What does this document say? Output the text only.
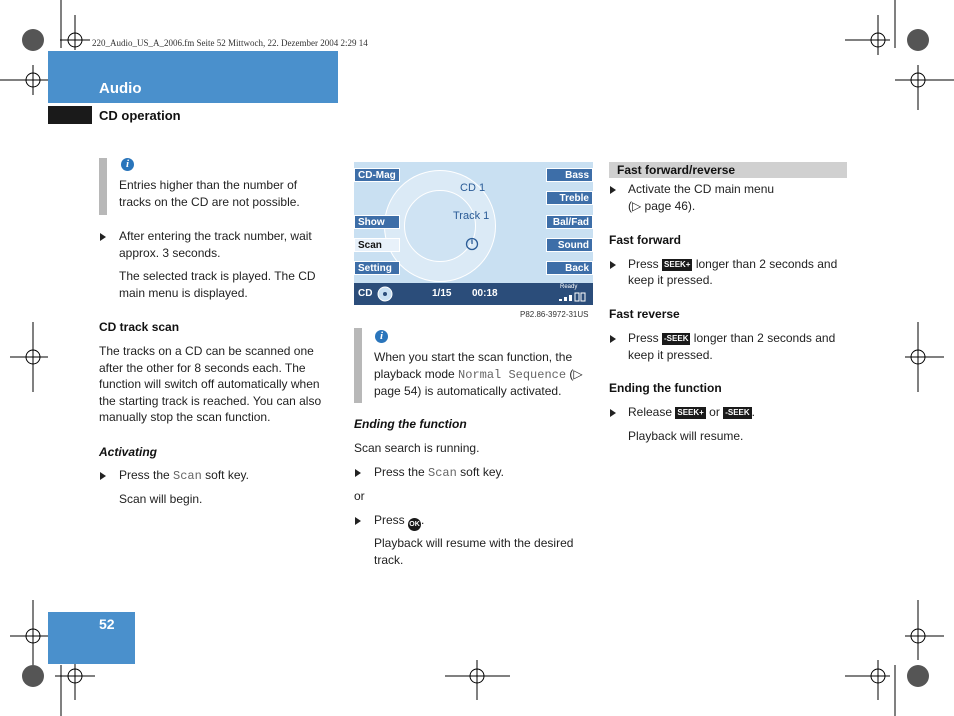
220_Audio_US_A_2006.fm Seite 52 Mittwoch, 22. Dezember 2004 2:29 14
Audio
CD operation
i
Entries higher than the number of tracks on the CD are not possible.
After entering the track number, wait approx. 3 seconds.
The selected track is played. The CD main menu is displayed.
CD track scan
The tracks on a CD can be scanned one after the other for 8 seconds each. The function will switch off automatically when the starting track is reached. You can also manually stop the scan function.
Activating
Press the Scan soft key.
Scan will begin.
CD-Mag
Show
Scan
Setting
Bass
Treble
Bal/Fad
Sound
Back
CD 1
Track 1
CD	1/15 00:18
Ready
P82.86-3972-31US
i
When you start the scan function, the playback mode Normal Sequence (▷ page 54) is automatically activated.
Ending the function
Scan search is running.
Press the Scan soft key.
or
Press OK.
Playback will resume with the desired track.
Fast forward/reverse
Activate the CD main menu
(▷ page 46).
Fast forward
Press SEEK+ longer than 2 seconds and
keep it pressed.
Fast reverse
Press -SEEK longer than 2 seconds and
keep it pressed.
Ending the function
Release SEEK+ or -SEEK .
Playback will resume.
52
